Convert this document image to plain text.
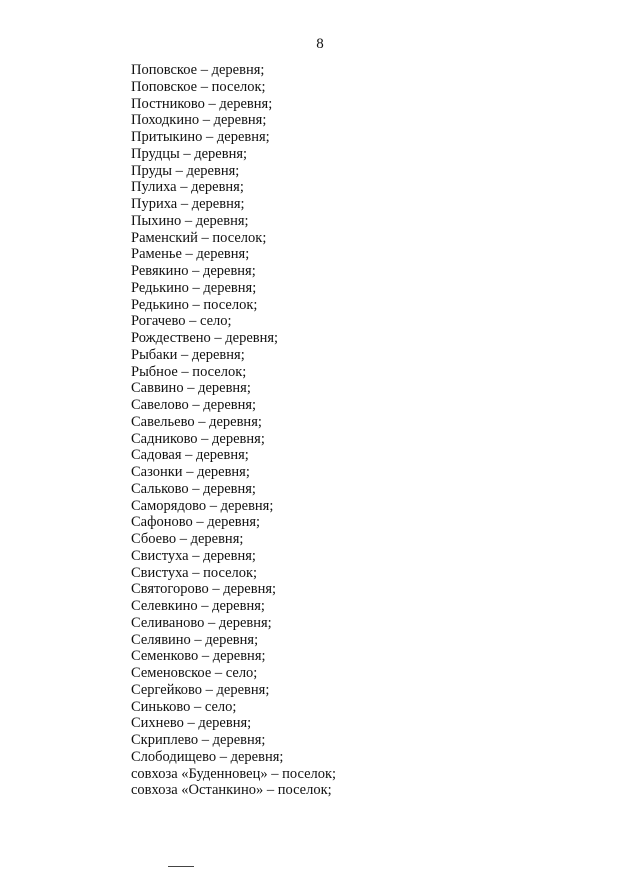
8
Поповское – деревня;
Поповское – поселок;
Постниково – деревня;
Походкино – деревня;
Притыкино – деревня;
Прудцы – деревня;
Пруды – деревня;
Пулиха – деревня;
Пуриха – деревня;
Пыхино – деревня;
Раменский – поселок;
Раменье – деревня;
Ревякино – деревня;
Редькино – деревня;
Редькино – поселок;
Рогачево – село;
Рождествено – деревня;
Рыбаки – деревня;
Рыбное – поселок;
Саввино – деревня;
Савелово – деревня;
Савельево – деревня;
Садниково – деревня;
Садовая – деревня;
Сазонки – деревня;
Сальково – деревня;
Саморядово – деревня;
Сафоново – деревня;
Сбоево – деревня;
Свистуха – деревня;
Свистуха – поселок;
Святогорово – деревня;
Селевкино – деревня;
Селиваново – деревня;
Селявино – деревня;
Семенково – деревня;
Семеновское – село;
Сергейково – деревня;
Синьково – село;
Сихнево – деревня;
Скриплево – деревня;
Слободищево – деревня;
совхоза «Буденновец» – поселок;
совхоза «Останкино» – поселок;
